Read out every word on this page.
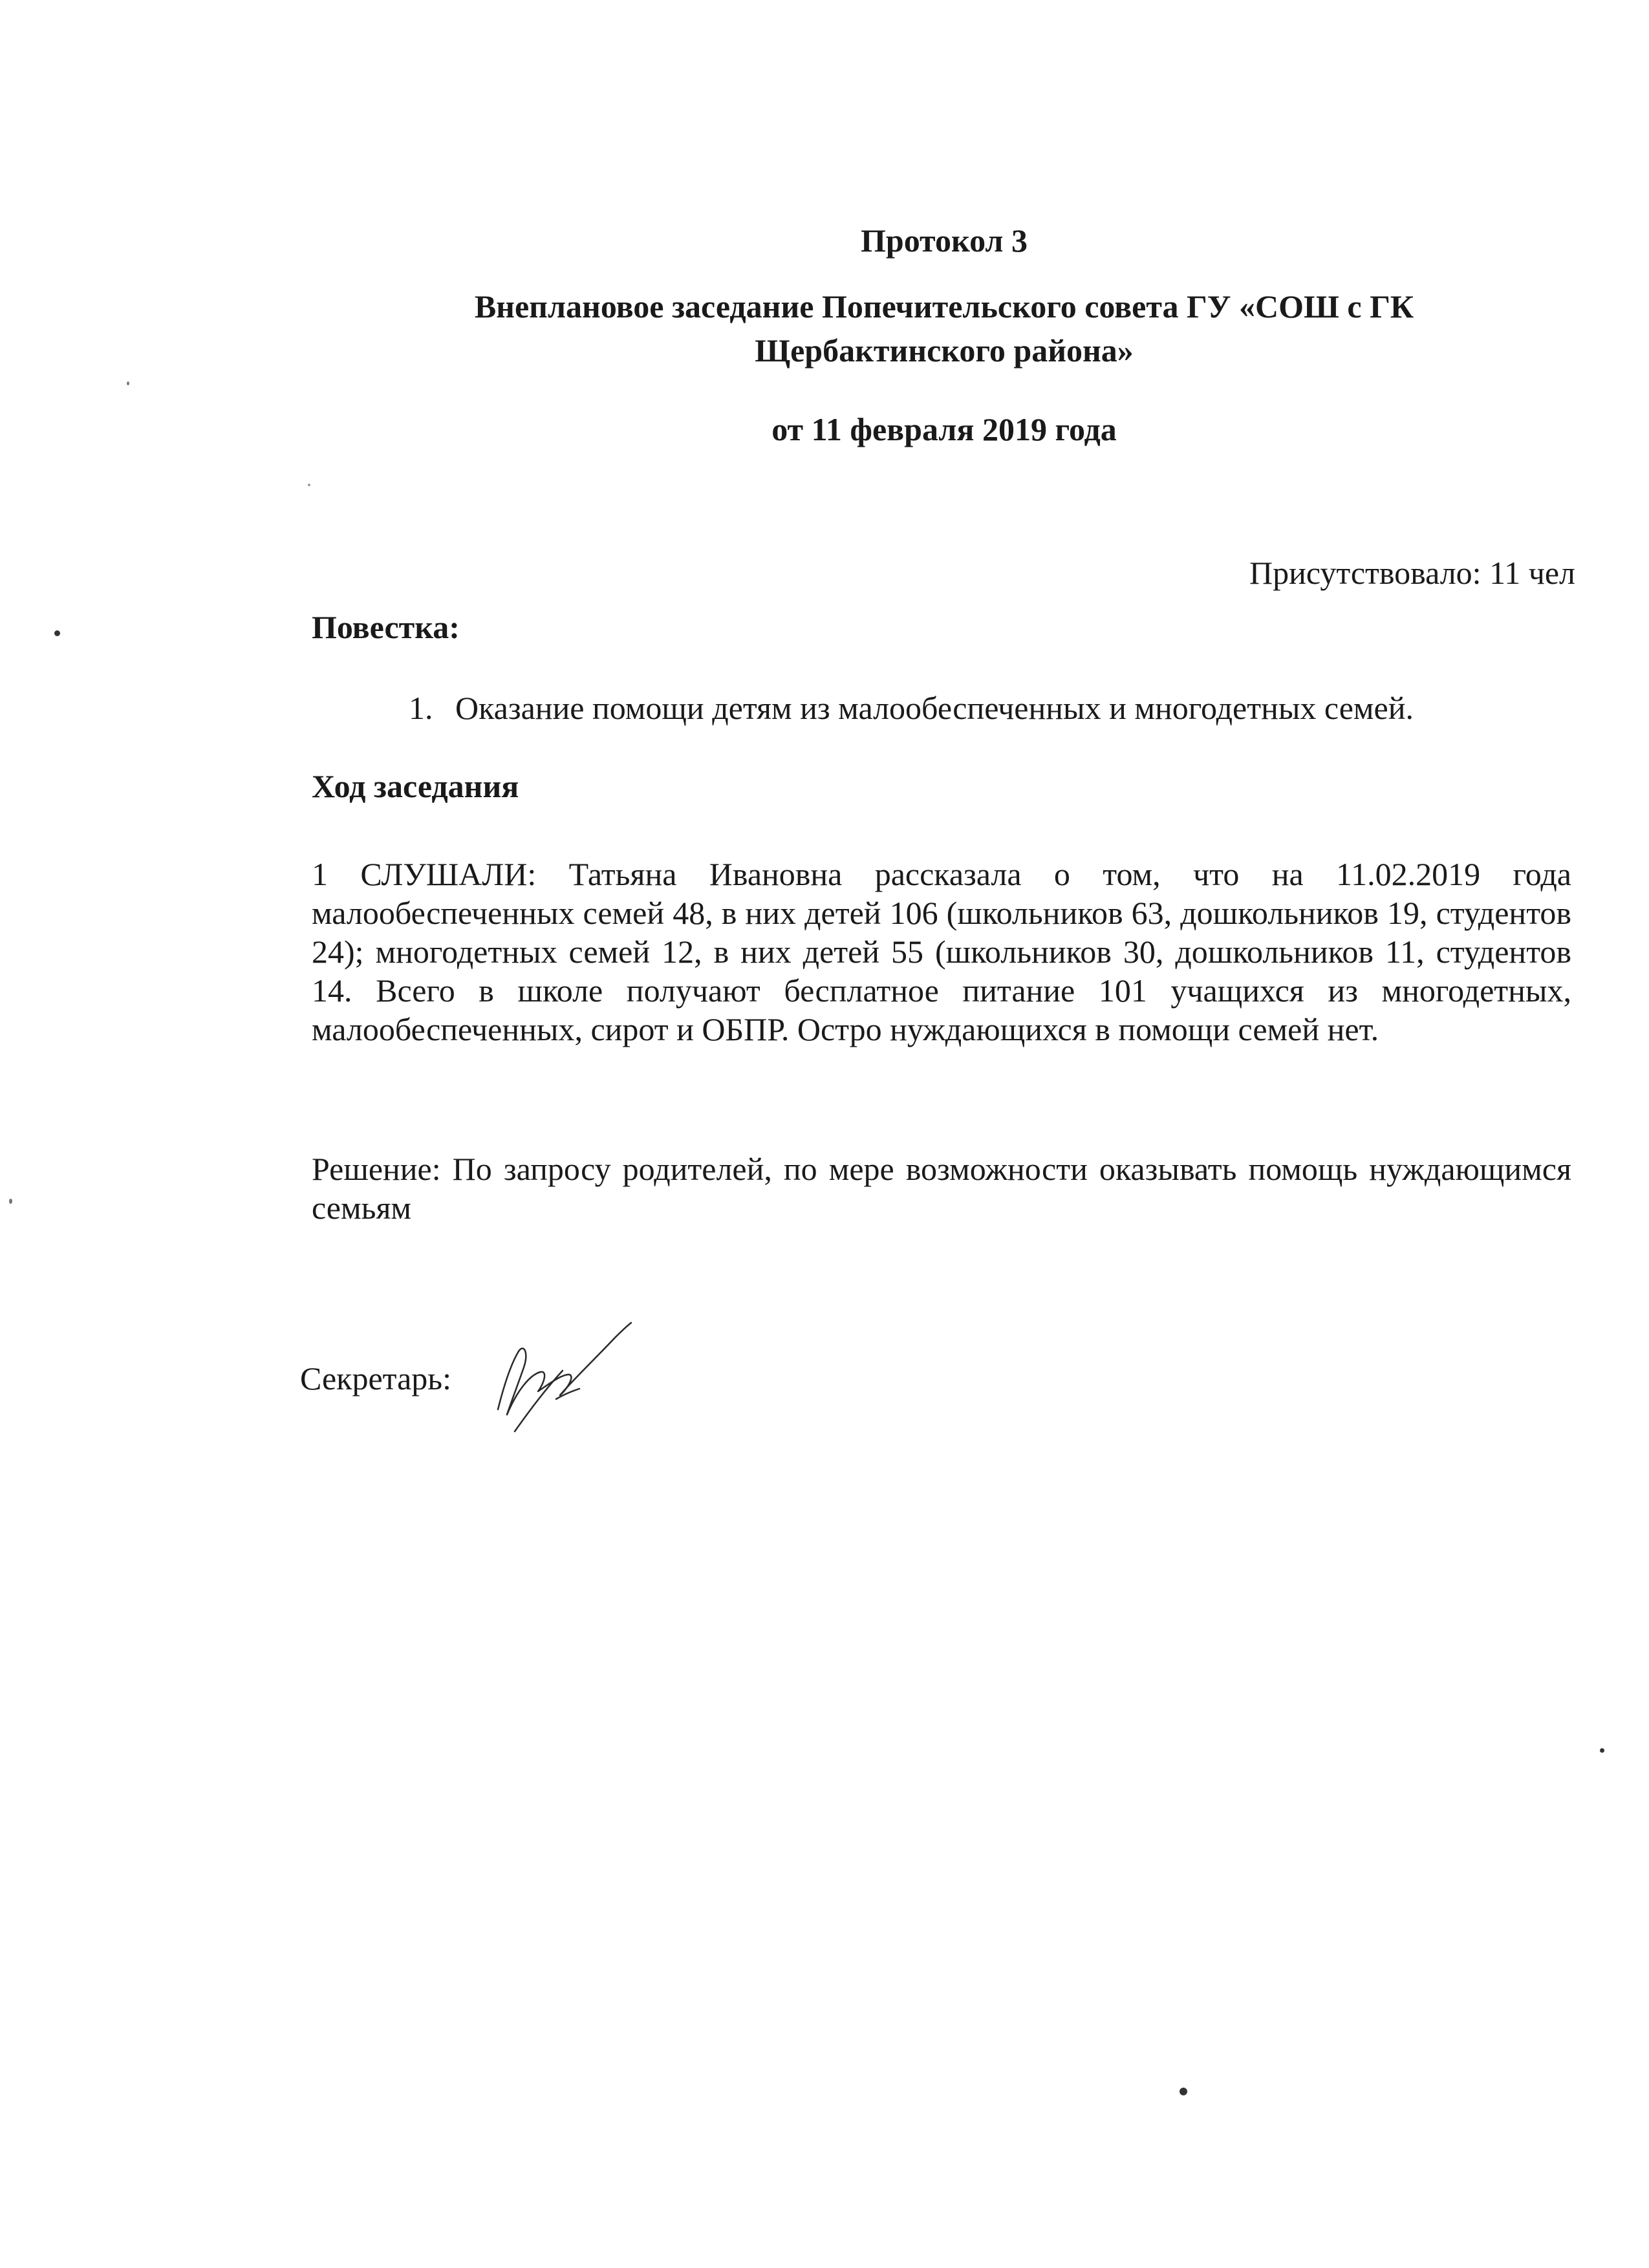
Протокол 3
Внеплановое заседание Попечительского совета ГУ «СОШ с ГК
Щербактинского района»
от 11 февраля 2019 года
Присутствовало: 11 чел
Повестка:
1. Оказание помощи детям из малообеспеченных и многодетных семей.
Ход заседания

1 СЛУШАЛИ: Татьяна Ивановна рассказала о том, что на 11.02.2019 года малообеспеченных семей 48, в них детей 106 (школьников 63, дошкольников 19, студентов 24); многодетных семей 12, в них детей 55 (школьников 30, дошкольников 11, студентов 14. Всего в школе получают бесплатное питание 101 учащихся из многодетных, малообеспеченных, сирот и ОБПР. Остро нуждающихся в помощи семей нет.

Решение: По запросу родителей, по мере возможности оказывать помощь нуждающимся семьям

Секретарь:
